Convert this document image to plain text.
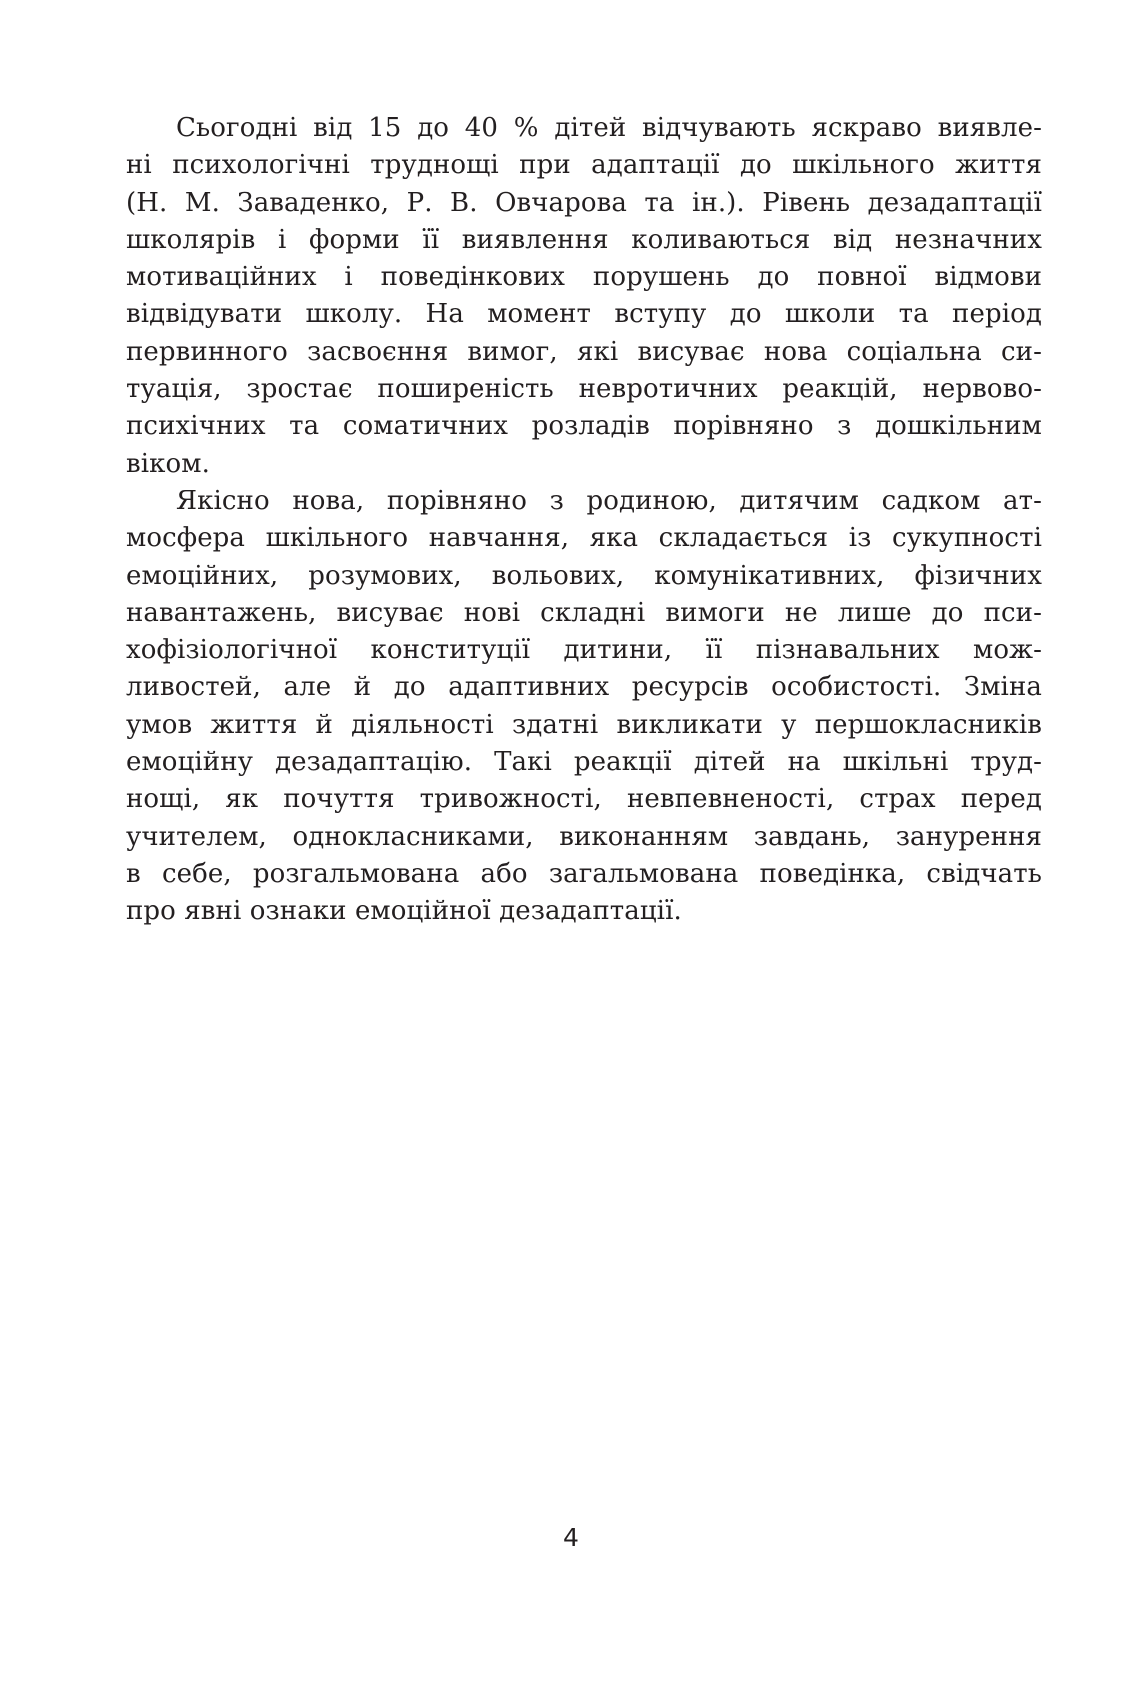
Сьогодні від 15 до 40 % дітей відчувають яскраво виявле-
ні психологічні труднощі при адаптації до шкільного життя
(Н. М. Заваденко, Р. В. Овчарова та ін.). Рівень дезадаптації
школярів і форми її виявлення коливаються від незначних
мотиваційних і поведінкових порушень до повної відмови
відвідувати школу. На момент вступу до школи та період
первинного засвоєння вимог, які висуває нова соціальна си-
туація, зростає поширеність невротичних реакцій, нервово-
психічних та соматичних розладів порівняно з дошкільним
віком.
Якісно нова, порівняно з родиною, дитячим садком ат-
мосфера шкільного навчання, яка складається із сукупності
емоційних, розумових, вольових, комунікативних, фізичних
навантажень, висуває нові складні вимоги не лише до пси-
хофізіологічної конституції дитини, її пізнавальних мож-
ливостей, але й до адаптивних ресурсів особистості. Зміна
умов життя й діяльності здатні викликати у першокласників
емоційну дезадаптацію. Такі реакції дітей на шкільні труд-
нощі, як почуття тривожності, невпевненості, страх перед
учителем, однокласниками, виконанням завдань, занурення
в себе, розгальмована або загальмована поведінка, свідчать
про явні ознаки емоційної дезадаптації.
4
